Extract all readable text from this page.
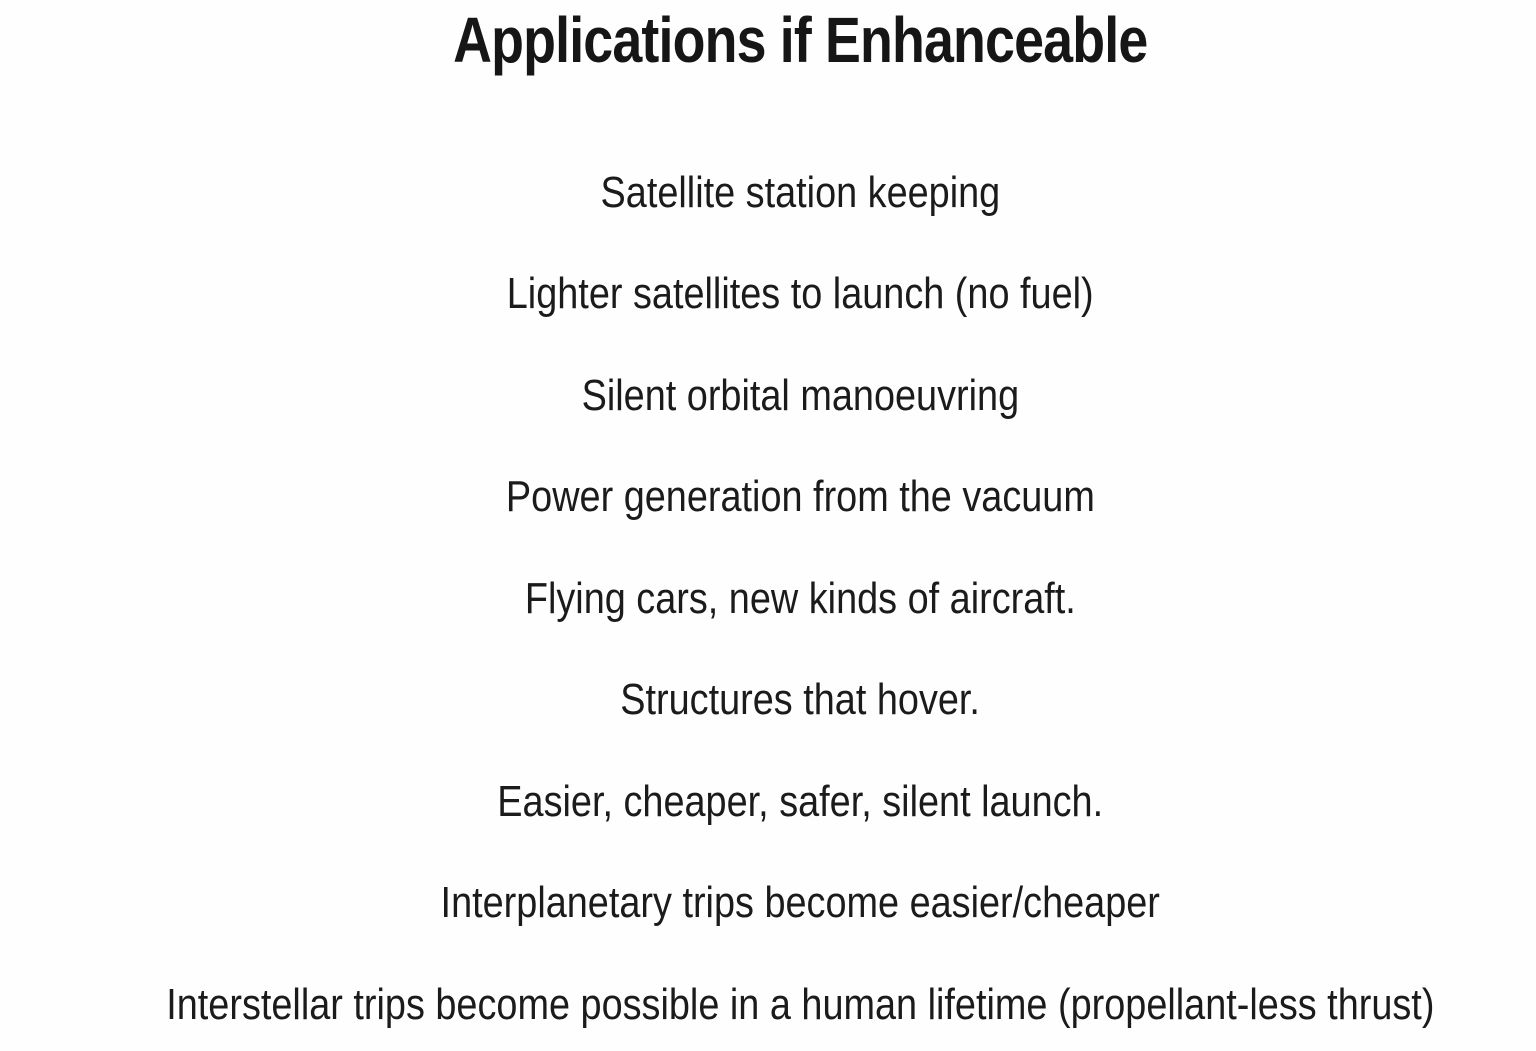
Applications if Enhanceable
Satellite station keeping
Lighter satellites to launch (no fuel)
Silent orbital manoeuvring
Power generation from the vacuum
Flying cars, new kinds of aircraft.
Structures that hover.
Easier, cheaper, safer, silent launch.
Interplanetary trips become easier/cheaper
Interstellar trips become possible in a human lifetime (propellant-less thrust)
